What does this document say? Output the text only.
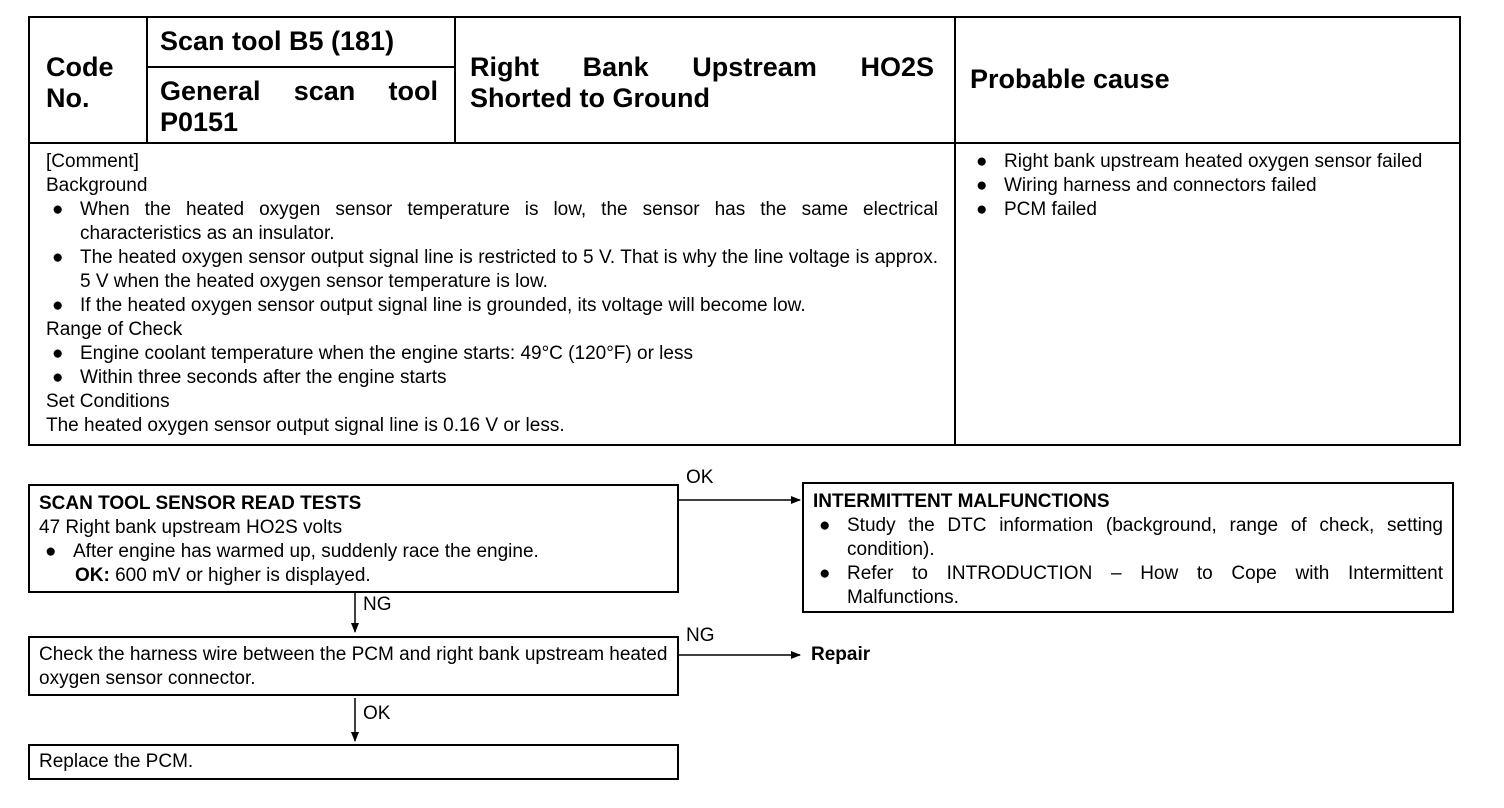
Code No.
Scan tool B5 (181)
General scan tool P0151
Right Bank Upstream HO2S Shorted to Ground
Probable cause
[Comment]
Background
● When the heated oxygen sensor temperature is low, the sensor has the same electrical characteristics as an insulator.
● The heated oxygen sensor output signal line is restricted to 5 V. That is why the line voltage is approx. 5 V when the heated oxygen sensor temperature is low.
● If the heated oxygen sensor output signal line is grounded, its voltage will become low.
Range of Check
● Engine coolant temperature when the engine starts: 49°C (120°F) or less
● Within three seconds after the engine starts
Set Conditions
The heated oxygen sensor output signal line is 0.16 V or less.
● Right bank upstream heated oxygen sensor failed
● Wiring harness and connectors failed
● PCM failed
SCAN TOOL SENSOR READ TESTS
47 Right bank upstream HO2S volts
● After engine has warmed up, suddenly race the engine.
OK: 600 mV or higher is displayed.
OK
INTERMITTENT MALFUNCTIONS
● Study the DTC information (background, range of check, setting condition).
● Refer to INTRODUCTION – How to Cope with Intermittent Malfunctions.
NG
Check the harness wire between the PCM and right bank upstream heated oxygen sensor connector.
NG
Repair
OK
Replace the PCM.
